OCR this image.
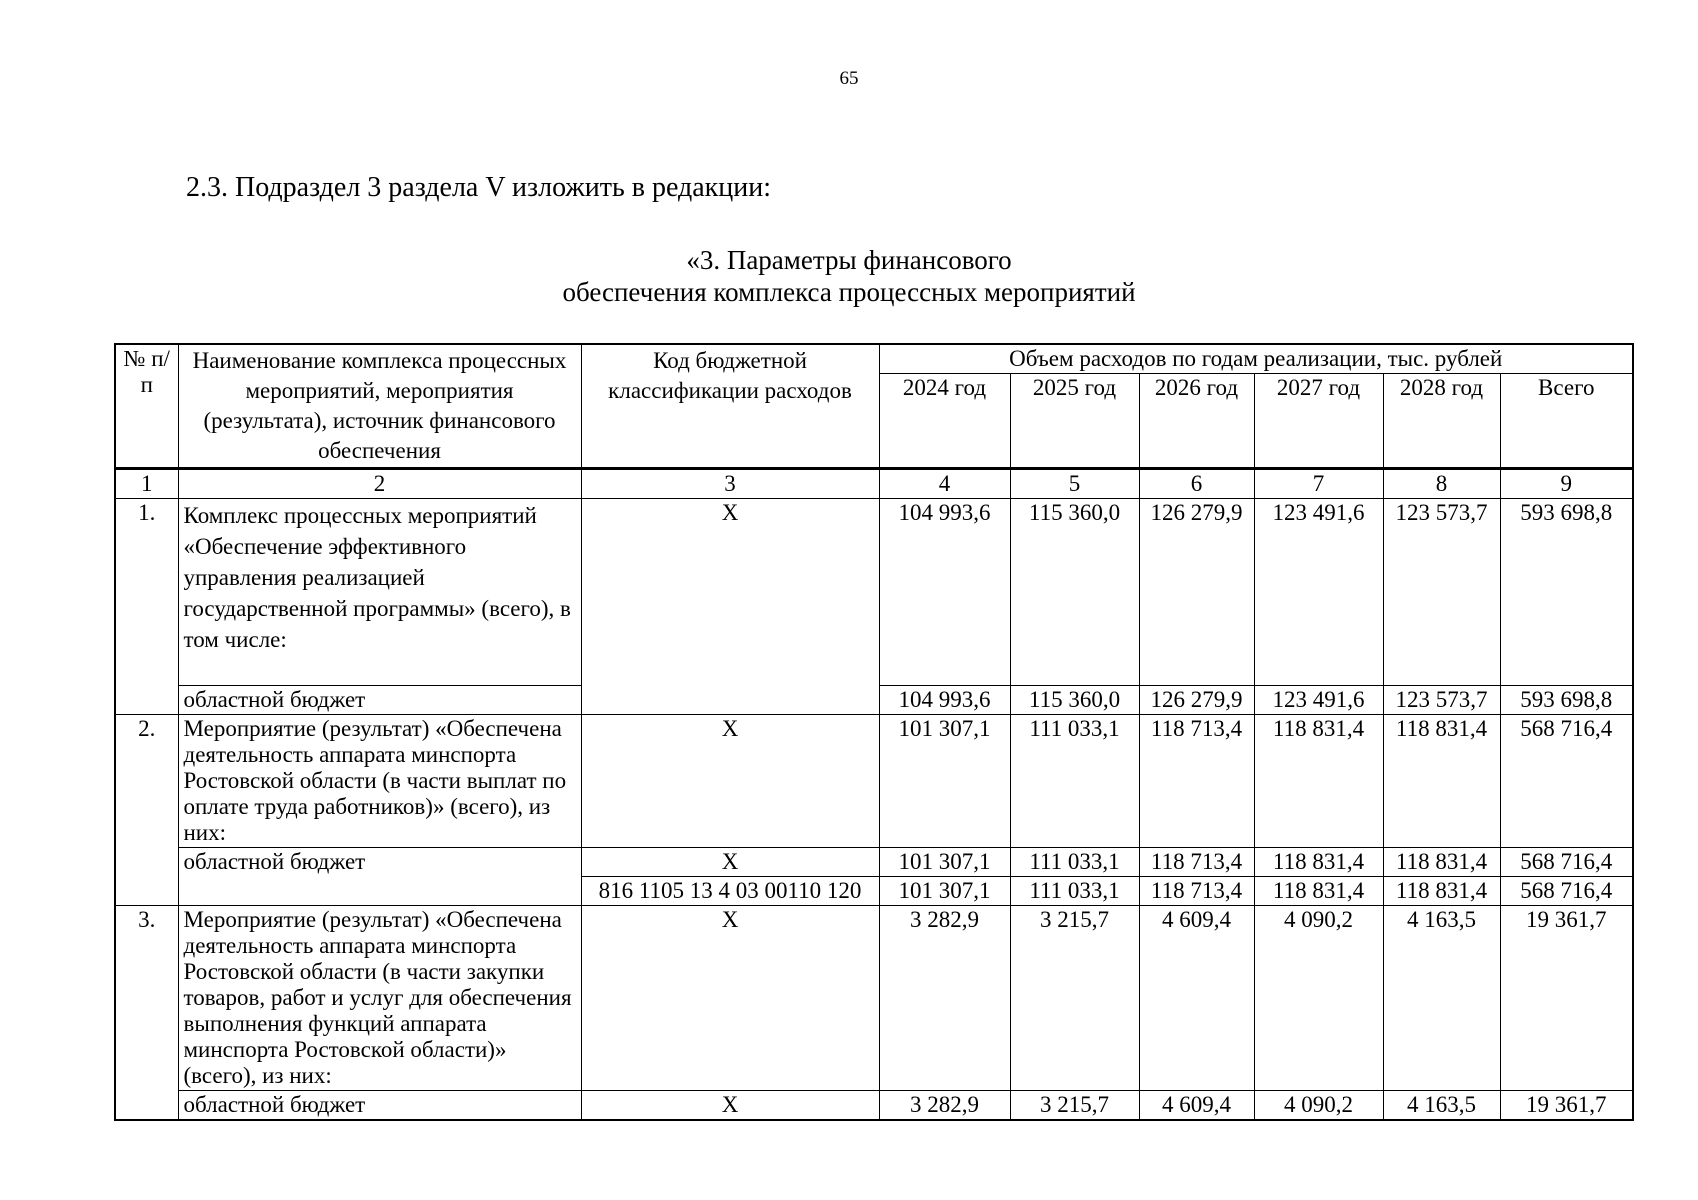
65
2.3. Подраздел 3 раздела V изложить в редакции:
«3. Параметры финансового
обеспечения комплекса процессных мероприятий
№ п/п	Наименование комплекса процессных мероприятий, мероприятия (результата), источник финансового обеспечения	Код бюджетной классификации расходов	Объем расходов по годам реализации, тыс. рублей					
			2024 год	2025 год	2026 год	2027 год	2028 год	Всего
1	2	3	4	5	6	7	8	9
1.	Комплекс процессных мероприятий «Обеспечение эффективного управления реализацией государственной программы» (всего), в том числе:	Х	104 993,6	115 360,0	126 279,9	123 491,6	123 573,7	593 698,8
	областной бюджет		104 993,6	115 360,0	126 279,9	123 491,6	123 573,7	593 698,8
2.	Мероприятие (результат) «Обеспечена деятельность аппарата минспорта Ростовской области (в части выплат по оплате труда работников)» (всего), из них:	Х	101 307,1	111 033,1	118 713,4	118 831,4	118 831,4	568 716,4
	областной бюджет	Х	101 307,1	111 033,1	118 713,4	118 831,4	118 831,4	568 716,4
		816 1105 13 4 03 00110 120	101 307,1	111 033,1	118 713,4	118 831,4	118 831,4	568 716,4
3.	Мероприятие (результат) «Обеспечена деятельность аппарата минспорта Ростовской области (в части закупки товаров, работ и услуг для обеспечения выполнения функций аппарата минспорта Ростовской области)» (всего), из них:	Х	3 282,9	3 215,7	4 609,4	4 090,2	4 163,5	19 361,7
	областной бюджет	Х	3 282,9	3 215,7	4 609,4	4 090,2	4 163,5	19 361,7
